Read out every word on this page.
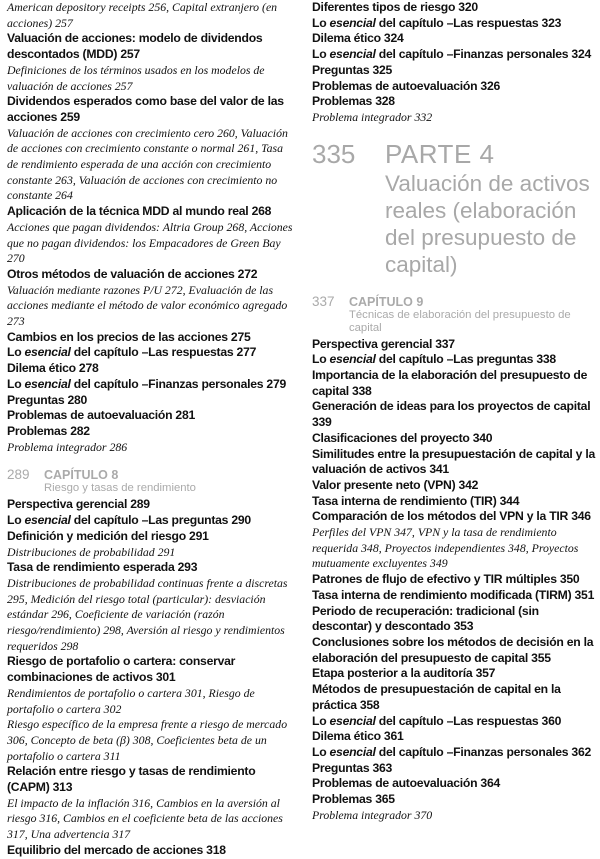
American depository receipts 256, Capital extranjero (en acciones) 257

Valuación de acciones: modelo de dividendos descontados (MDD) 257

Definiciones de los términos usados en los modelos de valuación de acciones 257

Dividendos esperados como base del valor de las acciones 259

Valuación de acciones con crecimiento cero 260, Valuación de acciones con crecimiento constante o normal 261, Tasa de rendimiento esperada de una acción con crecimiento constante 263, Valuación de acciones con crecimiento no constante 264

Aplicación de la técnica MDD al mundo real 268

Acciones que pagan dividendos: Altria Group 268, Acciones que no pagan dividendos: los Empacadores de Green Bay 270

Otros métodos de valuación de acciones 272

Valuación mediante razones P/U 272, Evaluación de las acciones mediante el método de valor económico agregado 273

Cambios en los precios de las acciones 275

Lo esencial del capítulo –Las respuestas 277

Dilema ético 278

Lo esencial del capítulo –Finanzas personales 279

Preguntas 280

Problemas de autoevaluación 281

Problemas 282

Problema integrador 286

289 CAPÍTULO 8
Riesgo y tasas de rendimiento

Perspectiva gerencial 289

Lo esencial del capítulo –Las preguntas 290

Definición y medición del riesgo 291

Distribuciones de probabilidad 291

Tasa de rendimiento esperada 293

Distribuciones de probabilidad continuas frente a discretas 295, Medición del riesgo total (particular): desviación estándar 296, Coeficiente de variación (razón riesgo/rendimiento) 298, Aversión al riesgo y rendimientos requeridos 298

Riesgo de portafolio o cartera: conservar combinaciones de activos 301

Rendimientos de portafolio o cartera 301, Riesgo de portafolio o cartera 302

Riesgo específico de la empresa frente a riesgo de mercado 306, Concepto de beta (β) 308, Coeficientes beta de un portafolio o cartera 311

Relación entre riesgo y tasas de rendimiento (CAPM) 313

El impacto de la inflación 316, Cambios en la aversión al riesgo 316, Cambios en el coeficiente beta de las acciones 317, Una advertencia 317

Equilibrio del mercado de acciones 318

Diferentes tipos de riesgo 320

Lo esencial del capítulo –Las respuestas 323

Dilema ético 324

Lo esencial del capítulo –Finanzas personales 324

Preguntas 325

Problemas de autoevaluación 326

Problemas 328

Problema integrador 332

335 PARTE 4
Valuación de activos reales (elaboración del presupuesto de capital)
337 CAPÍTULO 9
Técnicas de elaboración del presupuesto de capital

Perspectiva gerencial 337

Lo esencial del capítulo –Las preguntas 338

Importancia de la elaboración del presupuesto de capital 338

Generación de ideas para los proyectos de capital 339

Clasificaciones del proyecto 340

Similitudes entre la presupuestación de capital y la valuación de activos 341

Valor presente neto (VPN) 342

Tasa interna de rendimiento (TIR) 344

Comparación de los métodos del VPN y la TIR 346

Perfiles del VPN 347, VPN y la tasa de rendimiento requerida 348, Proyectos independientes 348, Proyectos mutuamente excluyentes 349

Patrones de flujo de efectivo y TIR múltiples 350

Tasa interna de rendimiento modificada (TIRM) 351

Periodo de recuperación: tradicional (sin descontar) y descontado 353

Conclusiones sobre los métodos de decisión en la elaboración del presupuesto de capital 355

Etapa posterior a la auditoría 357

Métodos de presupuestación de capital en la práctica 358

Lo esencial del capítulo –Las respuestas 360

Dilema ético 361

Lo esencial del capítulo –Finanzas personales 362

Preguntas 363

Problemas de autoevaluación 364

Problemas 365

Problema integrador 370
